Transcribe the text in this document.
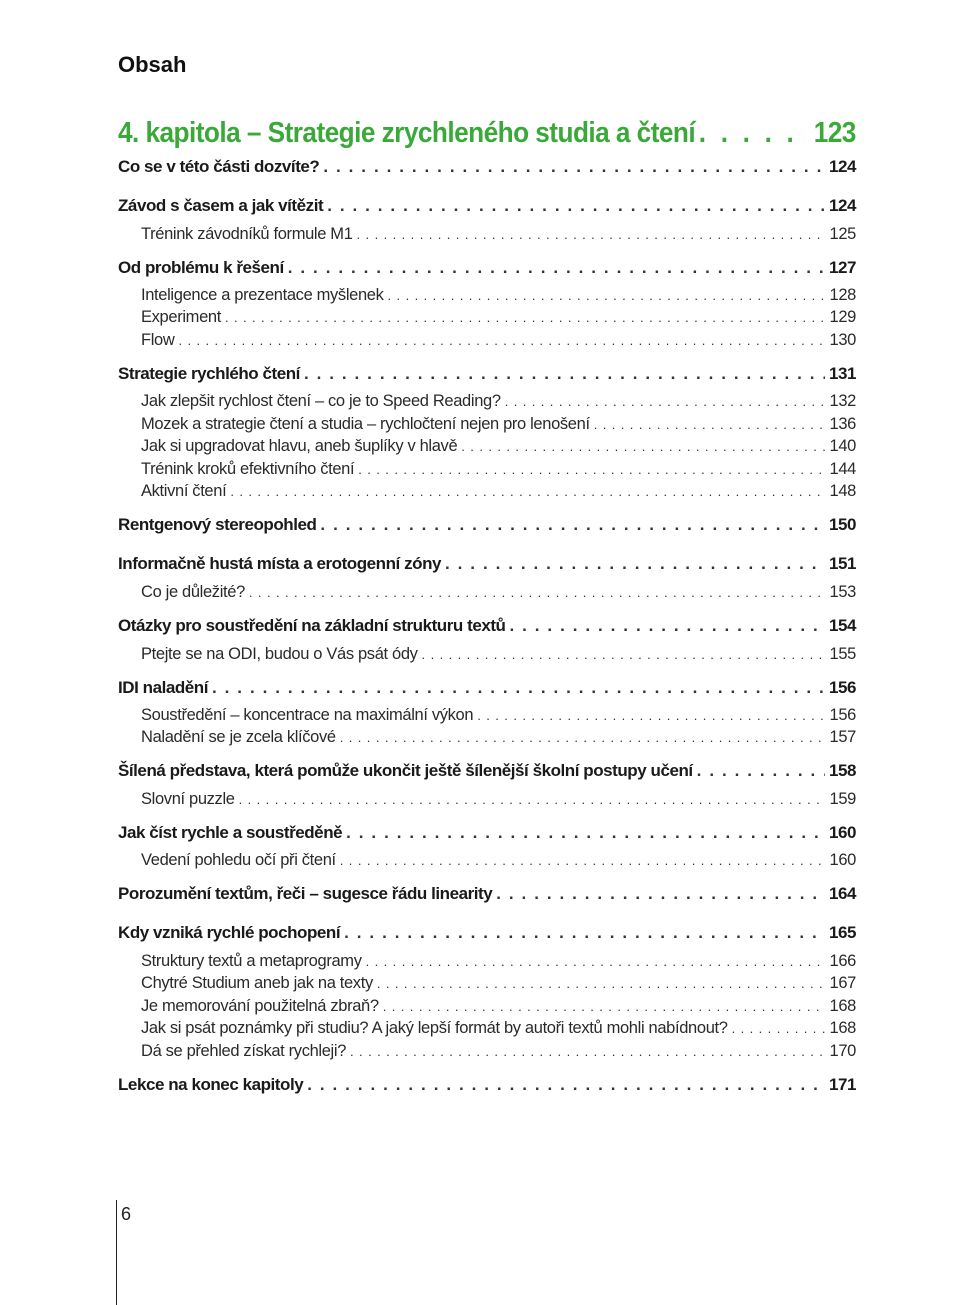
Obsah
4. kapitola – Strategie zrychleného studia a čtení . . .	123
Co se v této části dozvíte? . . .	124
Závod s časem a jak vítězit . . .	124
Trénink závodníků formule M1 . . .	125
Od problému k řešení . . .	127
Inteligence a prezentace myšlenek . . .	128
Experiment . . .	129
Flow . . .	130
Strategie rychlého čtení . . .	131
Jak zlepšit rychlost čtení – co je to Speed Reading? . . .	132
Mozek a strategie čtení a studia – rychločtení nejen pro lenošení . . .	136
Jak si upgradovat hlavu, aneb šuplíky v hlavě . . .	140
Trénink kroků efektivního čtení . . .	144
Aktivní čtení . . .	148
Rentgenový stereopohled . . .	150
Informačně hustá místa a erotogenní zóny . . .	151
Co je důležité? . . .	153
Otázky pro soustředění na základní strukturu textů . . .	154
Ptejte se na ODI, budou o Vás psát ódy . . .	155
IDI naladění . . .	156
Soustředění – koncentrace na maximální výkon . . .	156
Naladění se je zcela klíčové . . .	157
Šílená představa, která pomůže ukončit ještě šílenější školní postupy učení . . .	158
Slovní puzzle . . .	159
Jak číst rychle a soustředěně . . .	160
Vedení pohledu očí při čtení . . .	160
Porozumění textům, řeči – sugesce řádu linearity . . .	164
Kdy vzniká rychlé pochopení . . .	165
Struktury textů a metaprogramy . . .	166
Chytré Studium aneb jak na texty . . .	167
Je memorování použitelná zbraň? . . .	168
Jak si psát poznámky při studiu? A jaký lepší formát by autoři textů mohli nabídnout? . . .	168
Dá se přehled získat rychleji? . . .	170
Lekce na konec kapitoly . . .	171
6
